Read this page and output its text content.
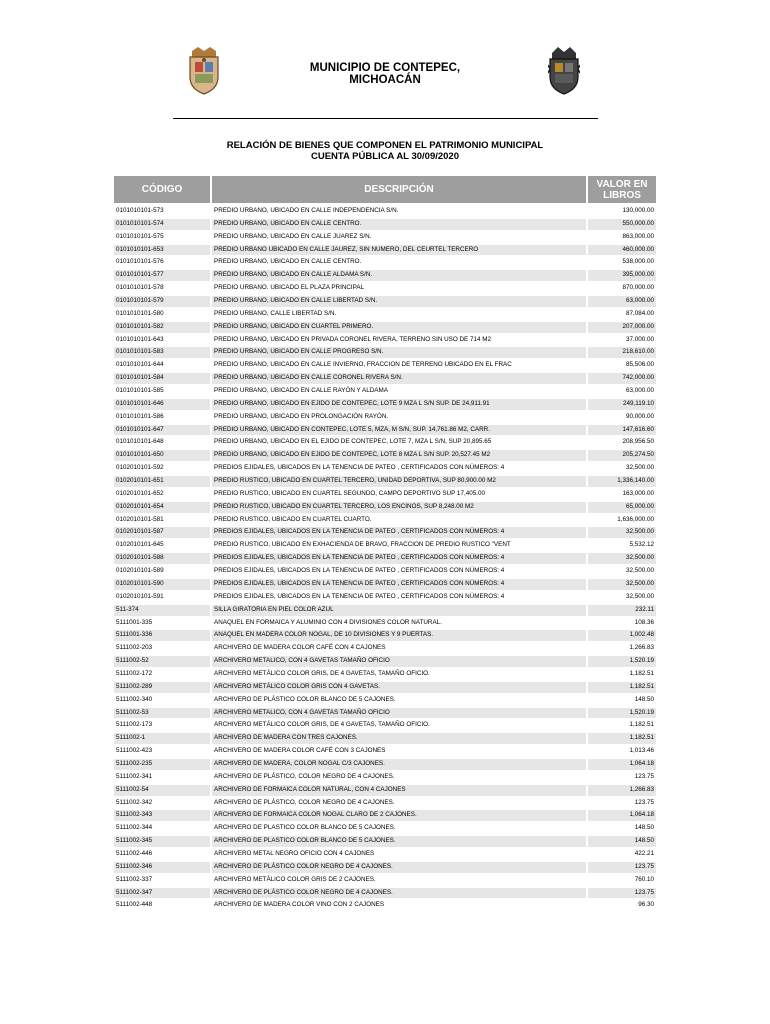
MUNICIPIO DE CONTEPEC,
MICHOACÁN
RELACIÓN DE BIENES QUE COMPONEN EL PATRIMONIO MUNICIPAL
CUENTA PÚBLICA AL 30/09/2020
CÓDIGO	DESCRIPCIÓN	VALOR EN
LIBROS
0101010101-573	PREDIO URBANO, UBICADO EN CALLE INDEPENDENCIA S/N.	130,000.00
0101010101-574	PREDIO URBANO, UBICADO EN CALLE CENTRO.	550,000.00
0101010101-575	PREDIO URBANO, UBICADO EN CALLE JUAREZ S/N.	863,000.00
0101010101-653	PREDIO URBANO UBICADO EN CALLE JAUREZ, SIN NUMERO, DEL CEURTEL TERCERO	460,000.00
0101010101-576	PREDIO URBANO, UBICADO EN CALLE CENTRO.	538,000.00
0101010101-577	PREDIO URBANO, UBICADO EN CALLE ALDAMA S/N.	395,000.00
0101010101-578	PREDIO URBANO. UBICADO EL PLAZA PRINCIPAL	870,000.00
0101010101-579	PREDIO URBANO, UBICADO EN CALLE LIBERTAD S/N.	63,000.00
0101010101-580	PREDIO URBANO, CALLE LIBERTAD S/N.	87,084.00
0101010101-582	PREDIO URBANO, UBICADO EN CUARTEL PRIMERO.	207,000.00
0101010101-643	PREDIO URBANO, UBICADO EN PRIVADA CORONEL RIVERA, TERRENO SIN USO DE 714 M2	37,000.00
0101010101-583	PREDIO URBANO, UBICADO EN CALLE PROGRESO S/N.	218,610.00
0101010101-644	PREDIO URBANO, UBICADO EN CALLE INVIERNO, FRACCION DE TERRENO UBICADO EN EL FRAC	85,506.00
0101010101-584	PREDIO URBANO, UBICADO EN CALLE CORONEL RIVERA S/N.	742,000.00
0101010101-585	PREDIO URBANO, UBICADO EN CALLE RAYÓN Y ALDAMA	63,000.00
0101010101-646	PREDIO URBANO, UBICADO EN EJIDO DE CONTEPEC, LOTE 9 MZA L S/N SUP. DE 24,911.91	249,119.10
0101010101-586	PREDIO URBANO, UBICADO EN PROLONGACIÓN RAYÓN.	90,000.00
0101010101-647	PREDIO URBANO, UBICADO EN CONTEPEC, LOTE 5, MZA, M S/N, SUP. 14,761.86 M2, CARR.	147,616.60
0101010101-648	PREDIO URBANO, UBICADO EN EL EJIDO DE CONTEPEC, LOTE 7, MZA L S/N, SUP 20,895.65	208,956.50
0101010101-650	PREDIO URBANO, UBICADO EN EJIDO DE CONTEPEC, LOTE 8 MZA L S/N SUP. 20,527.45 M2	205,274.50
0102010101-592	PREDIOS EJIDALES, UBICADOS EN LA TENENCIA DE PATEO , CERTIFICADOS CON NÚMEROS: 4	32,500.00
0102010101-651	PREDIO RUSTICO, UBICADO EN CUARTEL TERCERO, UNIDAD DEPORTIVA, SUP 80,900.00 M2	1,336,140.00
0102010101-652	PREDIO RUSTICO, UBICADO EN CUARTEL SEGUNDO, CAMPO DEPORTIVO SUP 17,405.00	163,000.00
0102010101-654	PREDIO RUSTICO, UBICADO EN CUARTEL TERCERO, LOS ENCINOS, SUP 8,248.00 M2	65,000.00
0102010101-581	PREDIO RUSTICO, UBICADO EN CUARTEL CUARTO.	1,636,000.00
0102010101-587	PREDIOS EJIDALES, UBICADOS EN LA TENENCIA DE PATEO , CERTIFICADOS CON NÚMEROS: 4	32,500.00
0102010101-645	PREDIO RUSTICO, UBICADO EN EXHACIENDA DE BRAVO, FRACCION DE PREDIO RUSTICO "VENT	5,532.12
0102010101-588	PREDIOS EJIDALES, UBICADOS EN LA TENENCIA DE PATEO , CERTIFICADOS CON NÚMEROS: 4	32,500.00
0102010101-589	PREDIOS EJIDALES, UBICADOS EN LA TENENCIA DE PATEO , CERTIFICADOS CON NÚMEROS: 4	32,500.00
0102010101-590	PREDIOS EJIDALES, UBICADOS EN LA TENENCIA DE PATEO , CERTIFICADOS CON NÚMEROS: 4	32,500.00
0102010101-591	PREDIOS EJIDALES, UBICADOS EN LA TENENCIA DE PATEO , CERTIFICADOS CON NÚMEROS: 4	32,500.00
511-374	SILLA GIRATORIA EN PIEL COLOR AZUL	232.11
5111001-335	ANAQUEL EN FORMAICA Y ALUMINIO CON 4 DIVISIONES COLOR NATURAL.	108.36
5111001-336	ANAQUEL EN MADERA COLOR NOGAL, DE 10 DIVISIONES Y 9 PUERTAS.	1,002.48
5111002-203	ARCHIVERO DE MADERA COLOR CAFÉ CON 4 CAJONES	1,266.83
5111002-52	ARCHIVERO METALICO, CON 4 GAVETAS TAMAÑO OFICIO	1,520.19
5111002-172	ARCHIVERO METÁLICO COLOR GRIS, DE 4 GAVETAS, TAMAÑO OFICIO.	1,182.51
5111002-289	ARCHIVERO METÁLICO COLOR GRIS CON 4 GAVETAS.	1,182.51
5111002-340	ARCHIVERO DE PLÁSTICO COLOR BLANCO DE 5 CAJONES.	148.50
5111002-53	ARCHIVERO METALICO, CON 4 GAVETAS TAMAÑO OFICIO	1,520.19
5111002-173	ARCHIVERO METÁLICO COLOR GRIS, DE 4 GAVETAS, TAMAÑO OFICIO.	1,182.51
5111002-1	ARCHIVERO DE MADERA CON TRES CAJONES.	1,182.51
5111002-423	ARCHIVERO DE MADERA COLOR CAFÉ CON 3 CAJONES	1,013.46
5111002-235	ARCHIVERO DE MADERA, COLOR NOGAL C/3 CAJONES.	1,064.18
5111002-341	ARCHIVERO DE PLÁSTICO, COLOR NEGRO DE 4 CAJONES.	123.75
5111002-54	ARCHIVERO DE FORMAICA COLOR NATURAL, CON 4 CAJONES	1,266.83
5111002-342	ARCHIVERO DE PLÁSTICO, COLOR NEGRO DE 4 CAJONES.	123.75
5111002-343	ARCHIVERO DE FORMAICA COLOR NOGAL CLARO DE 2 CAJONES.	1,064.18
5111002-344	ARCHIVERO DE PLASTICO COLOR BLANCO DE 5 CAJONES.	148.50
5111002-345	ARCHIVERO DE PLASTICO COLOR BLANCO DE 5 CAJONES.	148.50
5111002-446	ARCHIVERO METAL NEGRO OFICIO CON 4 CAJONES	422.21
5111002-346	ARCHIVERO DE PLÁSTICO COLOR NEGRO DE 4 CAJONES.	123.75
5111002-337	ARCHIVERO METÁLICO COLOR GRIS DE 2 CAJONES.	760.10
5111002-347	ARCHIVERO DE PLÁSTICO COLOR NEGRO DE 4 CAJONES.	123.75
5111002-448	ARCHIVERO DE MADERA COLOR VINO CON 2 CAJONES	96.30
